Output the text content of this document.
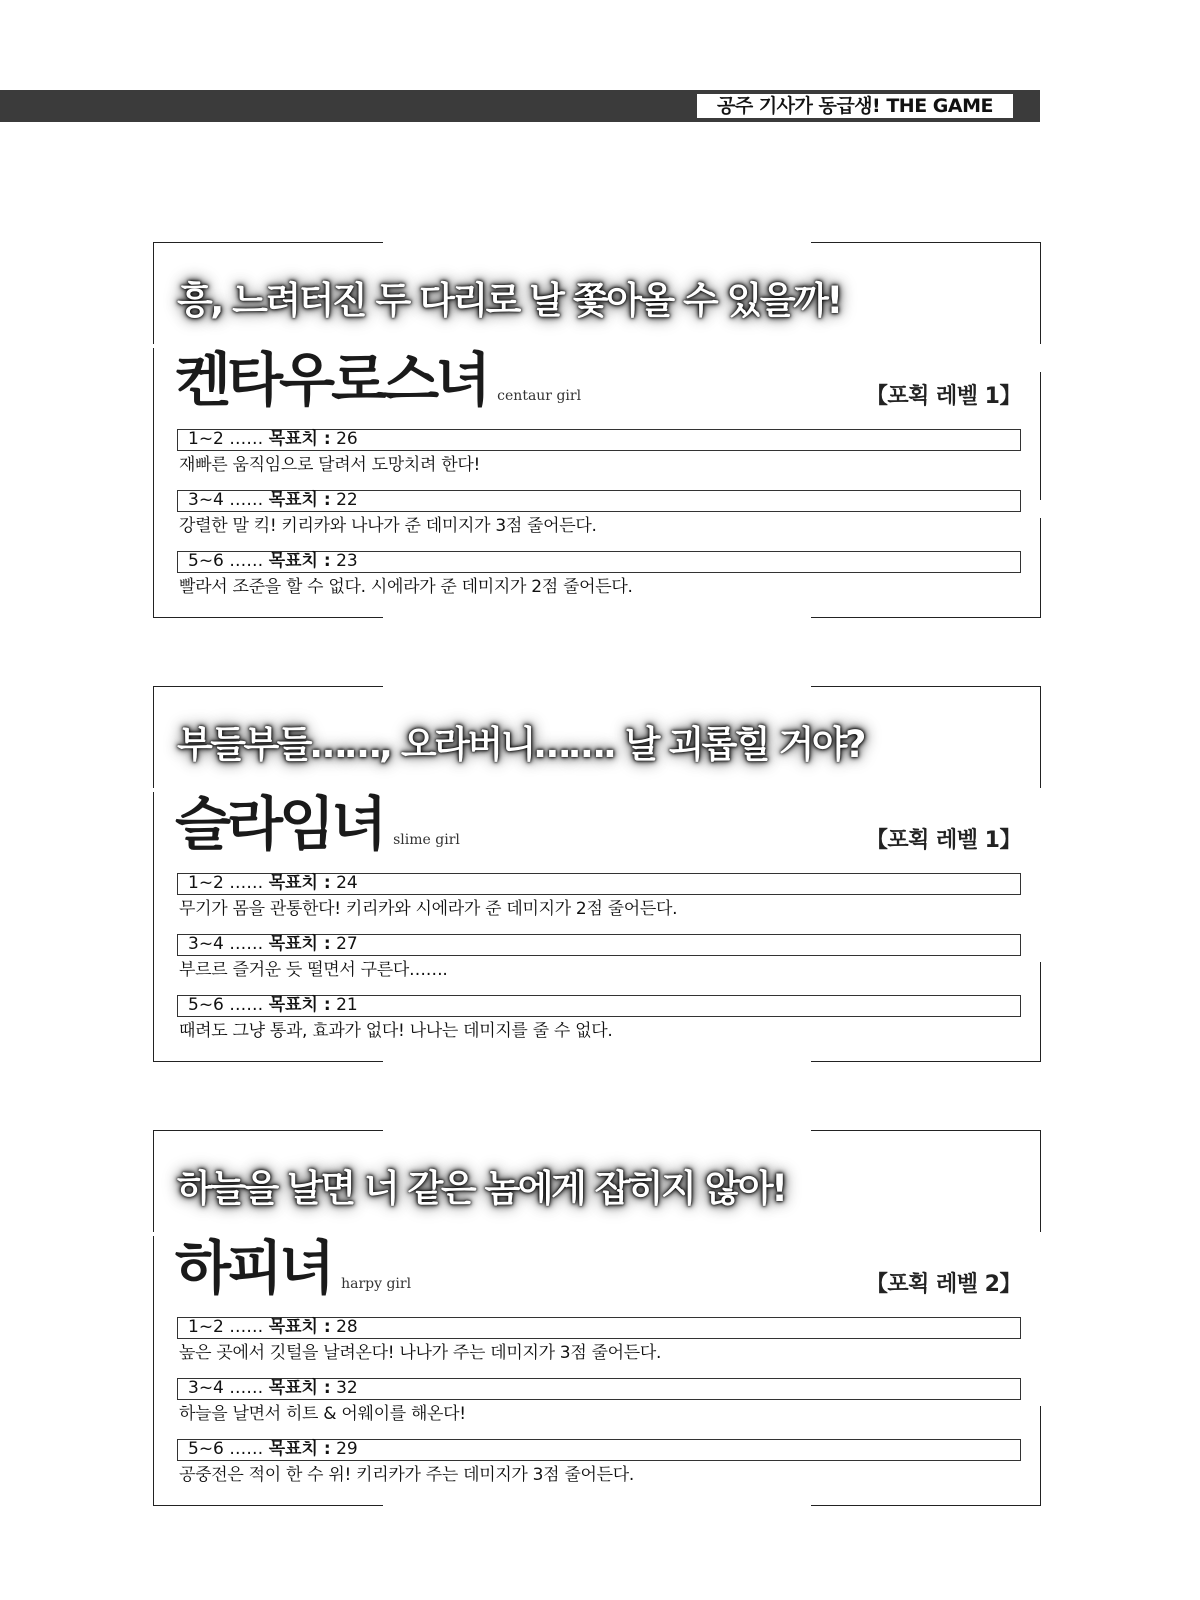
공주 기사가 동급생! THE GAME
흥, 느려터진 두 다리로 날 쫓아올 수 있을까!
켄타우로스녀 centaur girl	【포획 레벨 1】
1~2 …… 목표치 : 26
재빠른 움직임으로 달려서 도망치려 한다!
3~4 …… 목표치 : 22
강렬한 말 킥! 키리카와 나나가 준 데미지가 3점 줄어든다.
5~6 …… 목표치 : 23
빨라서 조준을 할 수 없다. 시에라가 준 데미지가 2점 줄어든다.
부들부들……, 오라버니……. 날 괴롭힐 거야?
슬라임녀 slime girl	【포획 레벨 1】
1~2 …… 목표치 : 24
무기가 몸을 관통한다! 키리카와 시에라가 준 데미지가 2점 줄어든다.
3~4 …… 목표치 : 27
부르르 즐거운 듯 떨면서 구른다…….
5~6 …… 목표치 : 21
때려도 그냥 통과, 효과가 없다! 나나는 데미지를 줄 수 없다.
하늘을 날면 너 같은 놈에게 잡히지 않아!
하피녀 harpy girl	【포획 레벨 2】
1~2 …… 목표치 : 28
높은 곳에서 깃털을 날려온다! 나나가 주는 데미지가 3점 줄어든다.
3~4 …… 목표치 : 32
하늘을 날면서 히트 & 어웨이를 해온다!
5~6 …… 목표치 : 29
공중전은 적이 한 수 위! 키리카가 주는 데미지가 3점 줄어든다.
